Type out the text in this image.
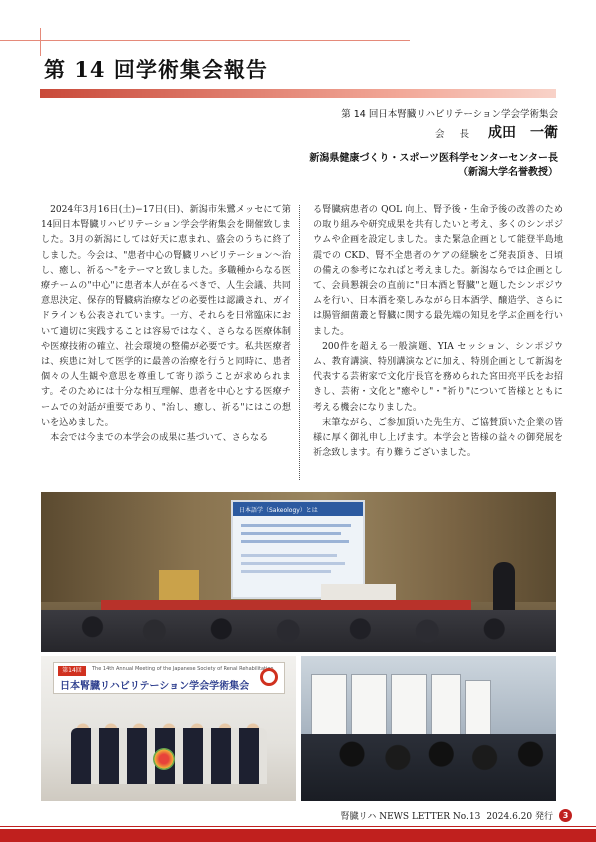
第 14 回学術集会報告
第 14 回日本腎臓リハビリテーション学会学術集会
会 長 成田　一衛
新潟県健康づくり・スポーツ医科学センターセンター長
（新潟大学名誉教授）

2024年3月16日(土)−17日(日)、新潟市朱鷺メッセにて第14回日本腎臓リハビリテーション学会学術集会を開催致しました。3月の新潟にしては好天に恵まれ、盛会のうちに終了しました。今会は、"患者中心の腎臓リハビリテーション〜治し、癒し、祈る〜"をテーマと致しました。多職種からなる医療チームの"中心"に患者本人が在るべきで、人生会議、共同意思決定、保存的腎臓病治療などの必要性は認識され、ガイドラインも公表されています。一方、それらを日常臨床において適切に実践することは容易ではなく、さらなる医療体制や医療技術の確立、社会環境の整備が必要です。私共医療者は、疾患に対して医学的に最善の治療を行うと同時に、患者個々の人生観や意思を尊重して寄り添うことが求められます。そのためには十分な相互理解、患者を中心とする医療チームでの対話が重要であり、"治し、癒し、祈る"にはこの想いを込めました。

本会では今までの本学会の成果に基づいて、さらなる

る腎臓病患者の QOL 向上、腎予後・生命予後の改善のための取り組みや研究成果を共有したいと考え、多くのシンポジウムや企画を設定しました。また緊急企画として能登半島地震での CKD、腎不全患者のケアの経験をご発表頂き、日頃の備えの参考になればと考えました。新潟ならでは企画として、会員懇親会の直前に"日本酒と腎臓"と題したシンポジウムを行い、日本酒を楽しみながら日本酒学、醸造学、さらには腸管細菌叢と腎臓に関する最先端の知見を学ぶ企画を行いました。

200件を超える一般演題、YIA セッション、シンポジウム、教育講演、特別講演などに加え、特別企画として新潟を代表する芸術家で文化庁長官を務められた宮田亮平氏をお招きし、芸術・文化と"癒やし"・"祈り"について皆様とともに考える機会になりました。

末筆ながら、ご参加頂いた先生方、ご協賛頂いた企業の皆様に厚く御礼申し上げます。本学会と皆様の益々の御発展を祈念致します。有り難うございました。

日本語学（Sakeology）とは
第14回	The 14th Annual Meeting of the Japanese Society of Renal Rehabilitation
日本腎臓リハビリテーション学会学術集会
腎臓リハ NEWS LETTER No.13 2024.6.20 発行	3
